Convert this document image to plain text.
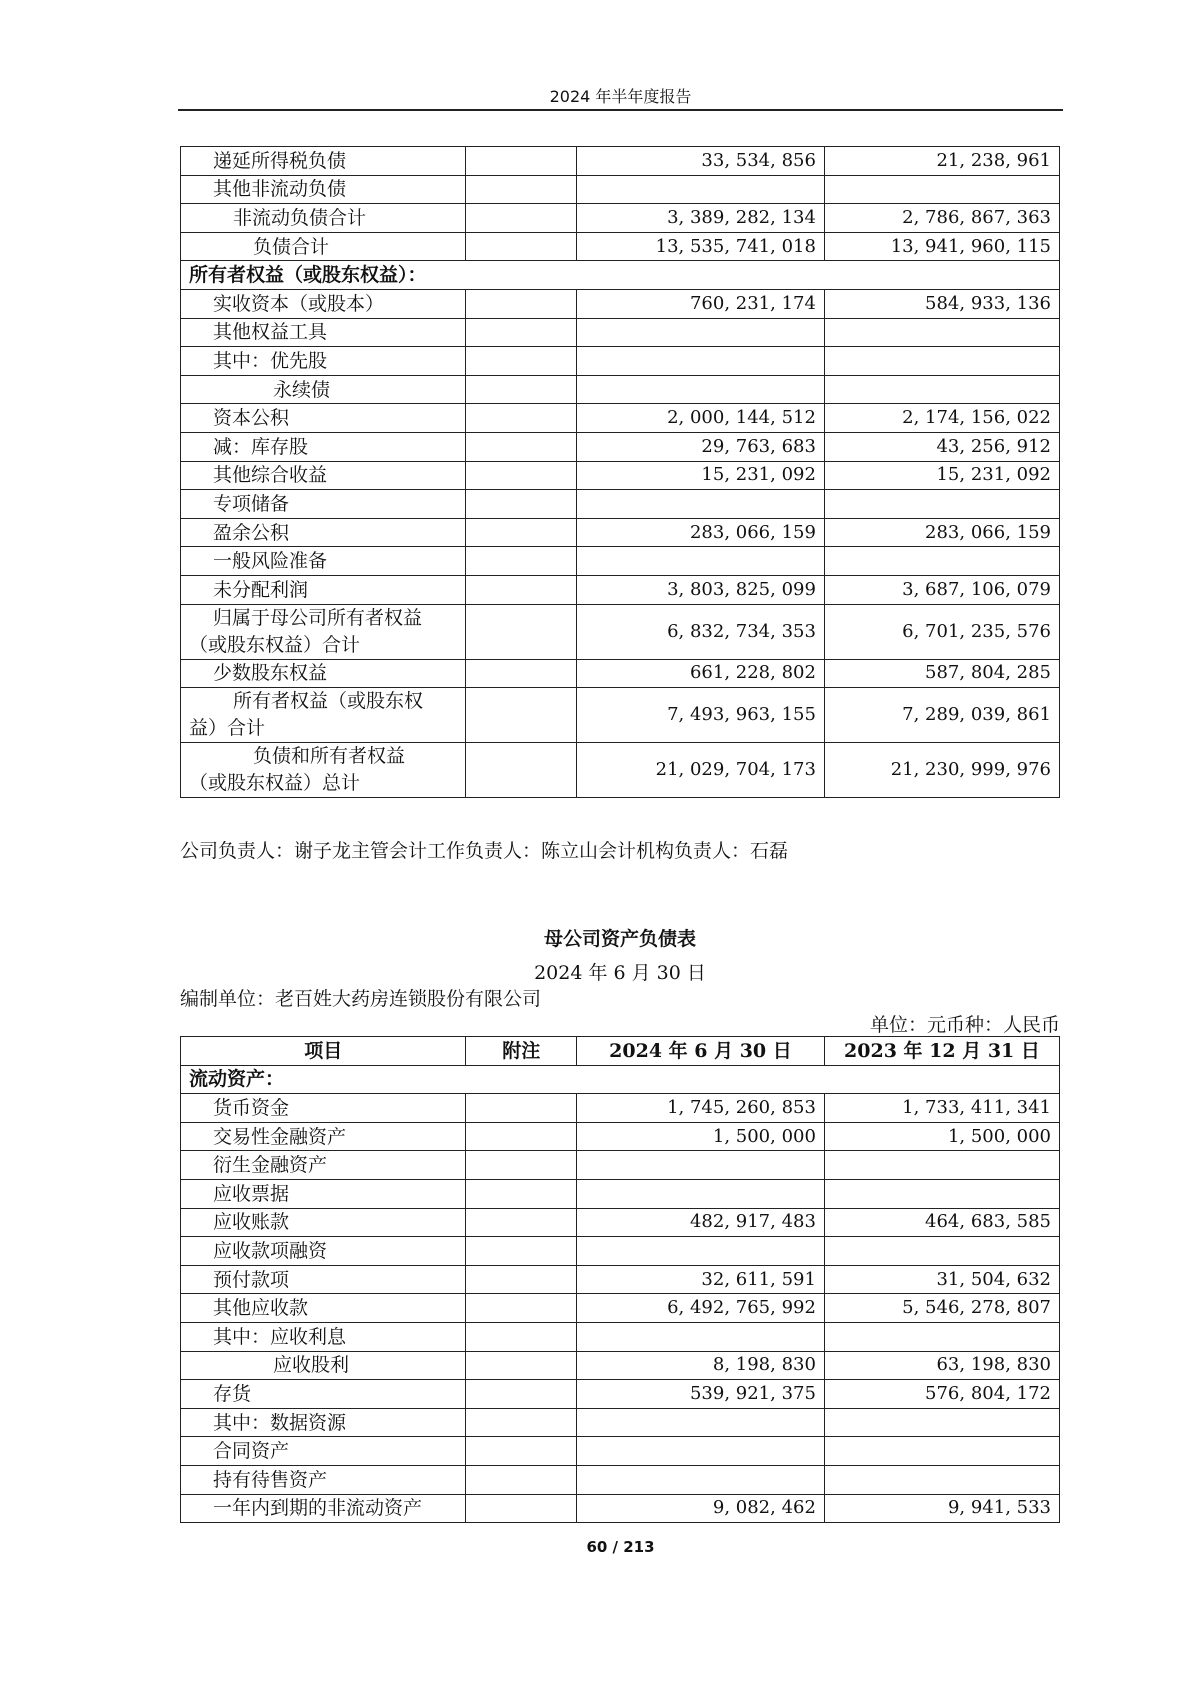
2024 年半年度报告
递延所得税负债		33, 534, 856	21, 238, 961
其他非流动负债			
非流动负债合计		3, 389, 282, 134	2, 786, 867, 363
负债合计		13, 535, 741, 018	13, 941, 960, 115
所有者权益（或股东权益）：			
实收资本（或股本）		760, 231, 174	584, 933, 136
其他权益工具			
其中：优先股			
永续债			
资本公积		2, 000, 144, 512	2, 174, 156, 022
减：库存股		29, 763, 683	43, 256, 912
其他综合收益		15, 231, 092	15, 231, 092
专项储备			
盈余公积		283, 066, 159	283, 066, 159
一般风险准备			
未分配利润		3, 803, 825, 099	3, 687, 106, 079

归属于母公司所有者权益
（或股东权益）合计		6, 832, 734, 353	6, 701, 235, 576
少数股东权益		661, 228, 802	587, 804, 285

所有者权益（或股东权
益）合计		7, 493, 963, 155	7, 289, 039, 861

负债和所有者权益
（或股东权益）总计		21, 029, 704, 173	21, 230, 999, 976
公司负责人：谢子龙主管会计工作负责人：陈立山会计机构负责人：石磊
母公司资产负债表
2024 年 6 月 30 日
编制单位：老百姓大药房连锁股份有限公司
单位：元币种：人民币
项目	附注	2024 年 6 月 30 日	2023 年 12 月 31 日
流动资产：			
货币资金		1, 745, 260, 853	1, 733, 411, 341
交易性金融资产		1, 500, 000	1, 500, 000
衍生金融资产			
应收票据			
应收账款		482, 917, 483	464, 683, 585
应收款项融资			
预付款项		32, 611, 591	31, 504, 632
其他应收款		6, 492, 765, 992	5, 546, 278, 807
其中：应收利息			
应收股利		8, 198, 830	63, 198, 830
存货		539, 921, 375	576, 804, 172
其中：数据资源			
合同资产			
持有待售资产			
一年内到期的非流动资产		9, 082, 462	9, 941, 533
60 / 213
